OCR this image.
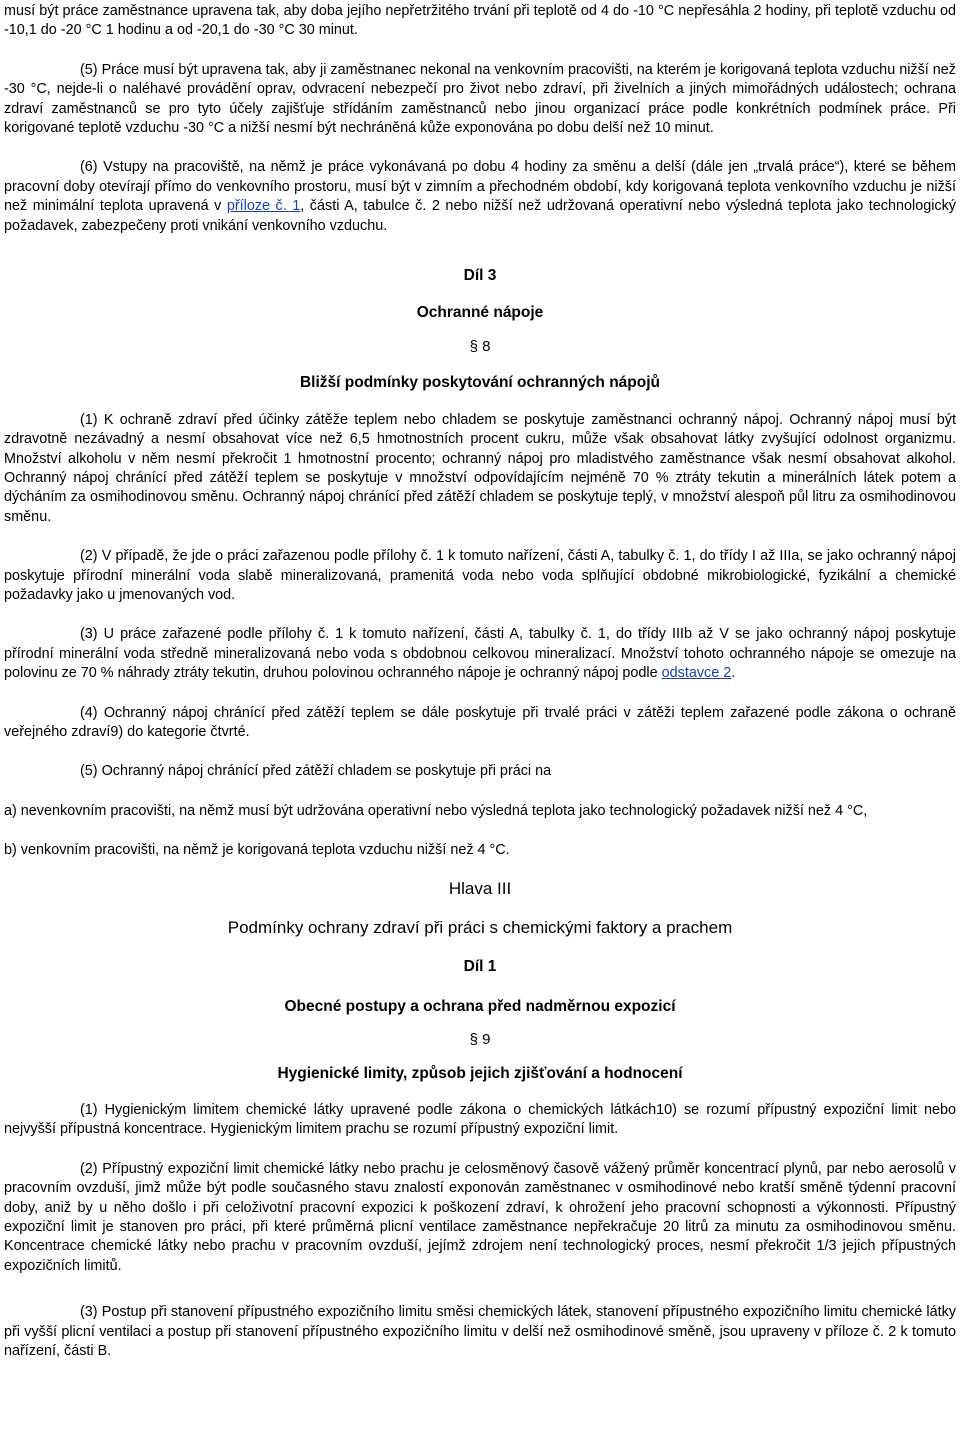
musí být práce zaměstnance upravena tak, aby doba jejího nepřetržitého trvání při teplotě od 4 do -10 °C nepřesáhla 2 hodiny, při teplotě vzduchu od -10,1 do -20 °C 1 hodinu a od -20,1 do -30 °C 30 minut.

(5) Práce musí být upravena tak, aby ji zaměstnanec nekonal na venkovním pracovišti, na kterém je korigovaná teplota vzduchu nižší než -30 °C, nejde-li o naléhavé provádění oprav, odvracení nebezpečí pro život nebo zdraví, při živelních a jiných mimořádných událostech; ochrana zdraví zaměstnanců se pro tyto účely zajišťuje střídáním zaměstnanců nebo jinou organizací práce podle konkrétních podmínek práce. Při korigované teplotě vzduchu -30 °C a nižší nesmí být nechráněná kůže exponována po dobu delší než 10 minut.

(6) Vstupy na pracoviště, na němž je práce vykonávaná po dobu 4 hodiny za směnu a delší (dále jen „trvalá práce“), které se během pracovní doby otevírají přímo do venkovního prostoru, musí být v zimním a přechodném období, kdy korigovaná teplota venkovního vzduchu je nižší než minimální teplota upravená v příloze č. 1, části A, tabulce č. 2 nebo nižší než udržovaná operativní nebo výsledná teplota jako technologický požadavek, zabezpečeny proti vnikání venkovního vzduchu.

Díl 3

Ochranné nápoje

§ 8

Bližší podmínky poskytování ochranných nápojů

(1) K ochraně zdraví před účinky zátěže teplem nebo chladem se poskytuje zaměstnanci ochranný nápoj. Ochranný nápoj musí být zdravotně nezávadný a nesmí obsahovat více než 6,5 hmotnostních procent cukru, může však obsahovat látky zvyšující odolnost organizmu. Množství alkoholu v něm nesmí překročit 1 hmotnostní procento; ochranný nápoj pro mladistvého zaměstnance však nesmí obsahovat alkohol. Ochranný nápoj chránící před zátěží teplem se poskytuje v množství odpovídajícím nejméně 70 % ztráty tekutin a minerálních látek potem a dýcháním za osmihodinovou směnu. Ochranný nápoj chránící před zátěží chladem se poskytuje teplý, v množství alespoň půl litru za osmihodinovou směnu.

(2) V případě, že jde o práci zařazenou podle přílohy č. 1 k tomuto nařízení, části A, tabulky č. 1, do třídy I až IIIa, se jako ochranný nápoj poskytuje přírodní minerální voda slabě mineralizovaná, pramenitá voda nebo voda splňující obdobné mikrobiologické, fyzikální a chemické požadavky jako u jmenovaných vod.

(3) U práce zařazené podle přílohy č. 1 k tomuto nařízení, části A, tabulky č. 1, do třídy IIIb až V se jako ochranný nápoj poskytuje přírodní minerální voda středně mineralizovaná nebo voda s obdobnou celkovou mineralizací. Množství tohoto ochranného nápoje se omezuje na polovinu ze 70 % náhrady ztráty tekutin, druhou polovinou ochranného nápoje je ochranný nápoj podle odstavce 2.

(4) Ochranný nápoj chránící před zátěží teplem se dále poskytuje při trvalé práci v zátěži teplem zařazené podle zákona o ochraně veřejného zdraví9) do kategorie čtvrté.

(5) Ochranný nápoj chránící před zátěží chladem se poskytuje při práci na

a) nevenkovním pracovišti, na němž musí být udržována operativní nebo výsledná teplota jako technologický požadavek nižší než 4 °C,

b) venkovním pracovišti, na němž je korigovaná teplota vzduchu nižší než 4 °C.

Hlava III

Podmínky ochrany zdraví při práci s chemickými faktory a prachem

Díl 1

Obecné postupy a ochrana před nadměrnou expozicí

§ 9

Hygienické limity, způsob jejich zjišťování a hodnocení

(1) Hygienickým limitem chemické látky upravené podle zákona o chemických látkách10) se rozumí přípustný expoziční limit nebo nejvyšší přípustná koncentrace. Hygienickým limitem prachu se rozumí přípustný expoziční limit.

(2) Přípustný expoziční limit chemické látky nebo prachu je celosměnový časově vážený průměr koncentrací plynů, par nebo aerosolů v pracovním ovzduší, jimž může být podle současného stavu znalostí exponován zaměstnanec v osmihodinové nebo kratší směně týdenní pracovní doby, aniž by u něho došlo i při celoživotní pracovní expozici k poškození zdraví, k ohrožení jeho pracovní schopnosti a výkonnosti. Přípustný expoziční limit je stanoven pro práci, při které průměrná plicní ventilace zaměstnance nepřekračuje 20 litrů za minutu za osmihodinovou směnu. Koncentrace chemické látky nebo prachu v pracovním ovzduší, jejímž zdrojem není technologický proces, nesmí překročit 1/3 jejich přípustných expozičních limitů.

(3) Postup při stanovení přípustného expozičního limitu směsi chemických látek, stanovení přípustného expozičního limitu chemické látky při vyšší plicní ventilaci a postup při stanovení přípustného expozičního limitu v delší než osmihodinové směně, jsou upraveny v příloze č. 2 k tomuto nařízení, části B.
